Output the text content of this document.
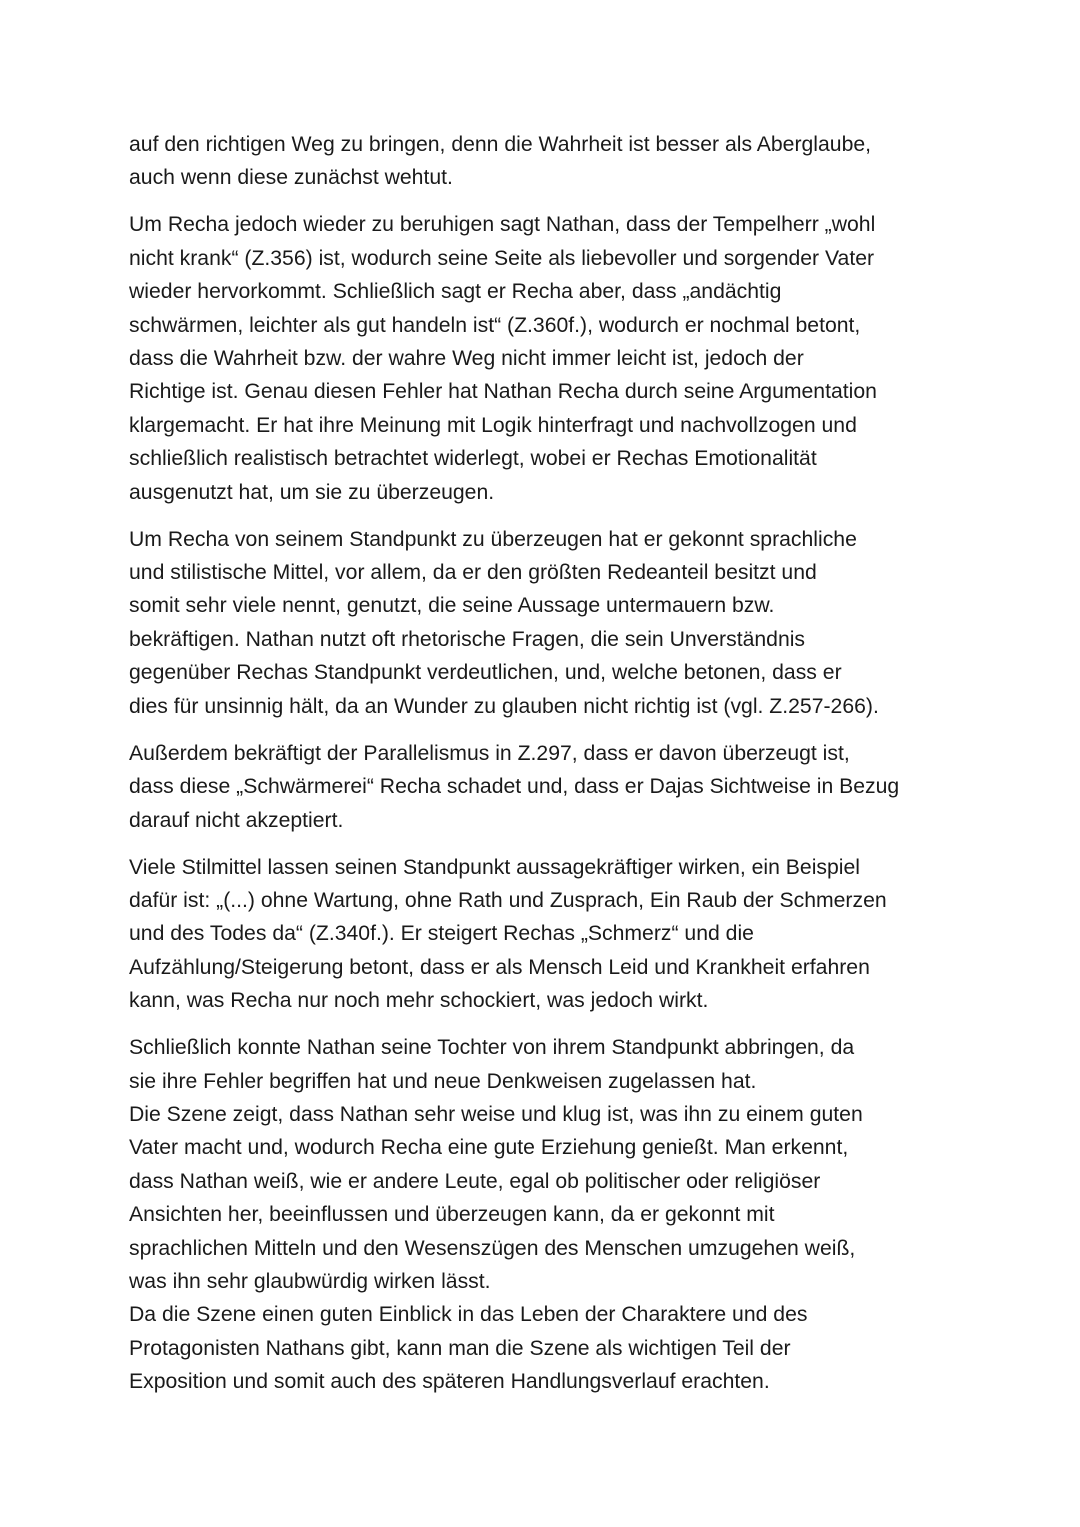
auf den richtigen Weg zu bringen, denn die Wahrheit ist besser als Aberglaube,
auch wenn diese zunächst wehtut.

Um Recha jedoch wieder zu beruhigen sagt Nathan, dass der Tempelherr „wohl
nicht krank“ (Z.356) ist, wodurch seine Seite als liebevoller und sorgender Vater
wieder hervorkommt. Schließlich sagt er Recha aber, dass „andächtig
schwärmen, leichter als gut handeln ist“ (Z.360f.), wodurch er nochmal betont,
dass die Wahrheit bzw. der wahre Weg nicht immer leicht ist, jedoch der
Richtige ist. Genau diesen Fehler hat Nathan Recha durch seine Argumentation
klargemacht. Er hat ihre Meinung mit Logik hinterfragt und nachvollzogen und
schließlich realistisch betrachtet widerlegt, wobei er Rechas Emotionalität
ausgenutzt hat, um sie zu überzeugen.

Um Recha von seinem Standpunkt zu überzeugen hat er gekonnt sprachliche
und stilistische Mittel, vor allem, da er den größten Redeanteil besitzt und
somit sehr viele nennt, genutzt, die seine Aussage untermauern bzw.
bekräftigen. Nathan nutzt oft rhetorische Fragen, die sein Unverständnis
gegenüber Rechas Standpunkt verdeutlichen, und, welche betonen, dass er
dies für unsinnig hält, da an Wunder zu glauben nicht richtig ist (vgl. Z.257-266).

Außerdem bekräftigt der Parallelismus in Z.297, dass er davon überzeugt ist,
dass diese „Schwärmerei“ Recha schadet und, dass er Dajas Sichtweise in Bezug
darauf nicht akzeptiert.

Viele Stilmittel lassen seinen Standpunkt aussagekräftiger wirken, ein Beispiel
dafür ist: „(...) ohne Wartung, ohne Rath und Zusprach, Ein Raub der Schmerzen
und des Todes da“ (Z.340f.). Er steigert Rechas „Schmerz“ und die
Aufzählung/Steigerung betont, dass er als Mensch Leid und Krankheit erfahren
kann, was Recha nur noch mehr schockiert, was jedoch wirkt.

Schließlich konnte Nathan seine Tochter von ihrem Standpunkt abbringen, da
sie ihre Fehler begriffen hat und neue Denkweisen zugelassen hat.
Die Szene zeigt, dass Nathan sehr weise und klug ist, was ihn zu einem guten
Vater macht und, wodurch Recha eine gute Erziehung genießt. Man erkennt,
dass Nathan weiß, wie er andere Leute, egal ob politischer oder religiöser
Ansichten her, beeinflussen und überzeugen kann, da er gekonnt mit
sprachlichen Mitteln und den Wesenszügen des Menschen umzugehen weiß,
was ihn sehr glaubwürdig wirken lässt.
Da die Szene einen guten Einblick in das Leben der Charaktere und des
Protagonisten Nathans gibt, kann man die Szene als wichtigen Teil der
Exposition und somit auch des späteren Handlungsverlauf erachten.
